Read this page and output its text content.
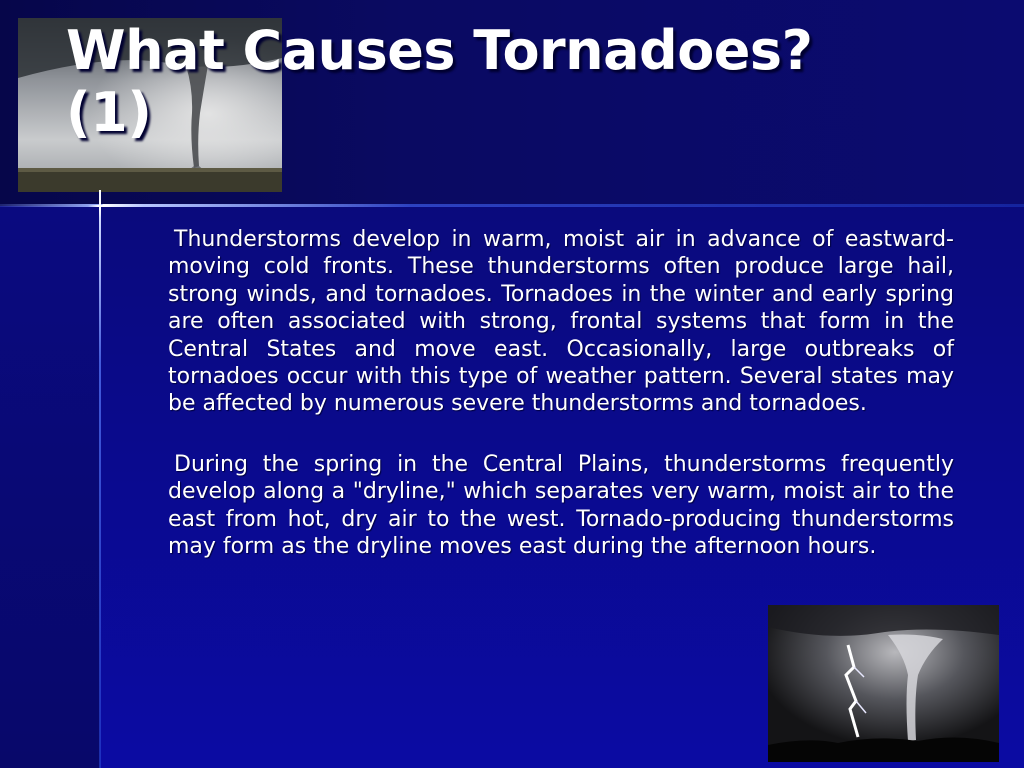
What Causes Tornadoes?
(1)

Thunderstorms develop in warm, moist air in advance of eastward-moving cold fronts. These thunderstorms often produce large hail, strong winds, and tornadoes. Tornadoes in the winter and early spring are often associated with strong, frontal systems that form in the Central States and move east. Occasionally, large outbreaks of tornadoes occur with this type of weather pattern. Several states may be affected by numerous severe thunderstorms and tornadoes.

During the spring in the Central Plains, thunderstorms frequently develop along a "dryline," which separates very warm, moist air to the east from hot, dry air to the west. Tornado-producing thunderstorms may form as the dryline moves east during the afternoon hours.
